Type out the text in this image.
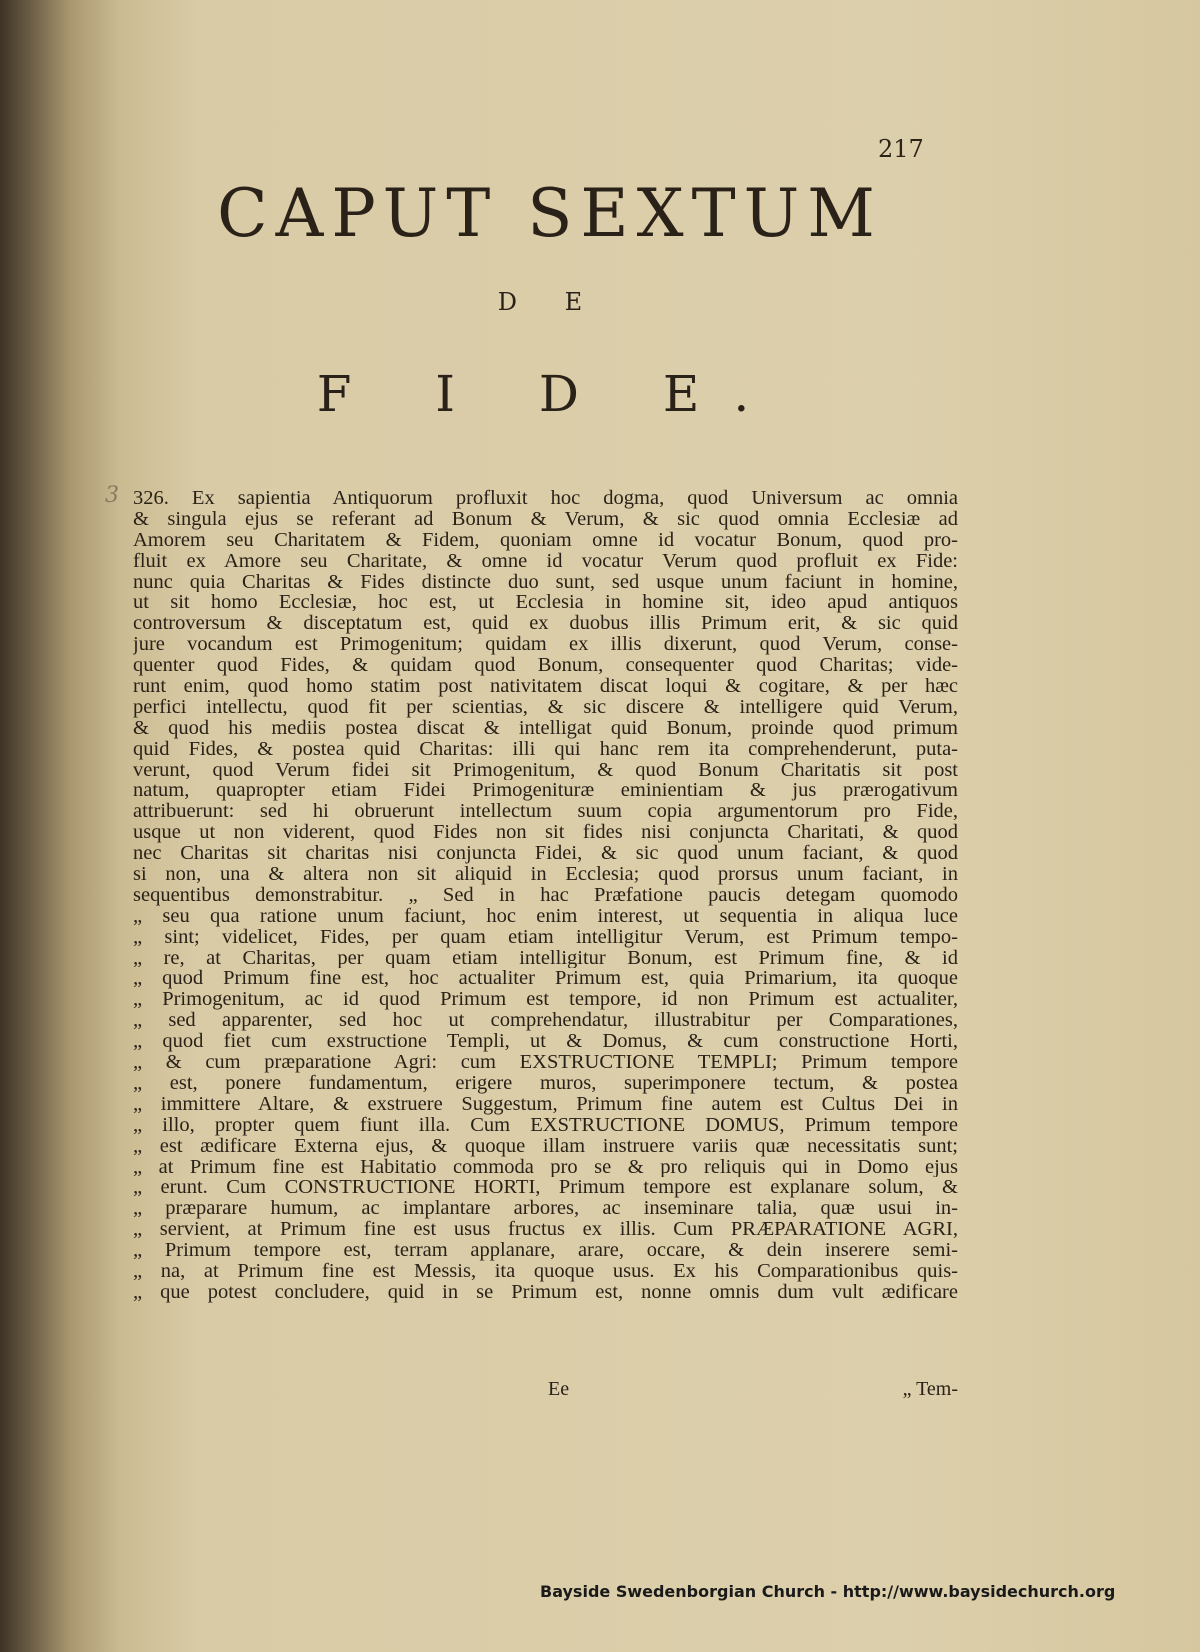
217
CAPUT SEXTUM
D E
F I D E.
3 326. Ex sapientia Antiquorum profluxit hoc dogma, quod Universum ac omnia
& singula ejus se referant ad Bonum & Verum, & sic quod omnia Ecclesiæ ad
Amorem seu Charitatem & Fidem, quoniam omne id vocatur Bonum, quod pro-
fluit ex Amore seu Charitate, & omne id vocatur Verum quod profluit ex Fide:
nunc quia Charitas & Fides distincte duo sunt, sed usque unum faciunt in homine,
ut sit homo Ecclesiæ, hoc est, ut Ecclesia in homine sit, ideo apud antiquos
controversum & disceptatum est, quid ex duobus illis Primum erit, & sic quid
jure vocandum est Primogenitum; quidam ex illis dixerunt, quod Verum, conse-
quenter quod Fides, & quidam quod Bonum, consequenter quod Charitas; vide-
runt enim, quod homo statim post nativitatem discat loqui & cogitare, & per hæc
perfici intellectu, quod fit per scientias, & sic discere & intelligere quid Verum,
& quod his mediis postea discat & intelligat quid Bonum, proinde quod primum
quid Fides, & postea quid Charitas: illi qui hanc rem ita comprehenderunt, puta-
verunt, quod Verum fidei sit Primogenitum, & quod Bonum Charitatis sit post
natum, quapropter etiam Fidei Primogenituræ eminientiam & jus prærogativum
attribuerunt: sed hi obruerunt intellectum suum copia argumentorum pro Fide,
usque ut non viderent, quod Fides non sit fides nisi conjuncta Charitati, & quod
nec Charitas sit charitas nisi conjuncta Fidei, & sic quod unum faciant, & quod
si non, una & altera non sit aliquid in Ecclesia; quod prorsus unum faciant, in
sequentibus demonstrabitur. „ Sed in hac Præfatione paucis detegam quomodo
„ seu qua ratione unum faciunt, hoc enim interest, ut sequentia in aliqua luce
„ sint; videlicet, Fides, per quam etiam intelligitur Verum, est Primum tempo-
„ re, at Charitas, per quam etiam intelligitur Bonum, est Primum fine, & id
„ quod Primum fine est, hoc actualiter Primum est, quia Primarium, ita quoque
„ Primogenitum, ac id quod Primum est tempore, id non Primum est actualiter,
„ sed apparenter, sed hoc ut comprehendatur, illustrabitur per Comparationes,
„ quod fiet cum exstructione Templi, ut & Domus, & cum constructione Horti,
„ & cum præparatione Agri: cum EXSTRUCTIONE TEMPLI; Primum tempore
„ est, ponere fundamentum, erigere muros, superimponere tectum, & postea
„ immittere Altare, & exstruere Suggestum, Primum fine autem est Cultus Dei in
„ illo, propter quem fiunt illa. Cum EXSTRUCTIONE DOMUS, Primum tempore
„ est ædificare Externa ejus, & quoque illam instruere variis quæ necessitatis sunt;
„ at Primum fine est Habitatio commoda pro se & pro reliquis qui in Domo ejus
„ erunt. Cum CONSTRUCTIONE HORTI, Primum tempore est explanare solum, &
„ præparare humum, ac implantare arbores, ac inseminare talia, quæ usui in-
„ servient, at Primum fine est usus fructus ex illis. Cum PRÆPARATIONE AGRI,
„ Primum tempore est, terram applanare, arare, occare, & dein inserere semi-
„ na, at Primum fine est Messis, ita quoque usus. Ex his Comparationibus quis-
„ que potest concludere, quid in se Primum est, nonne omnis dum vult ædificare
Ee	„ Tem-
Bayside Swedenborgian Church - http://www.baysidechurch.org
